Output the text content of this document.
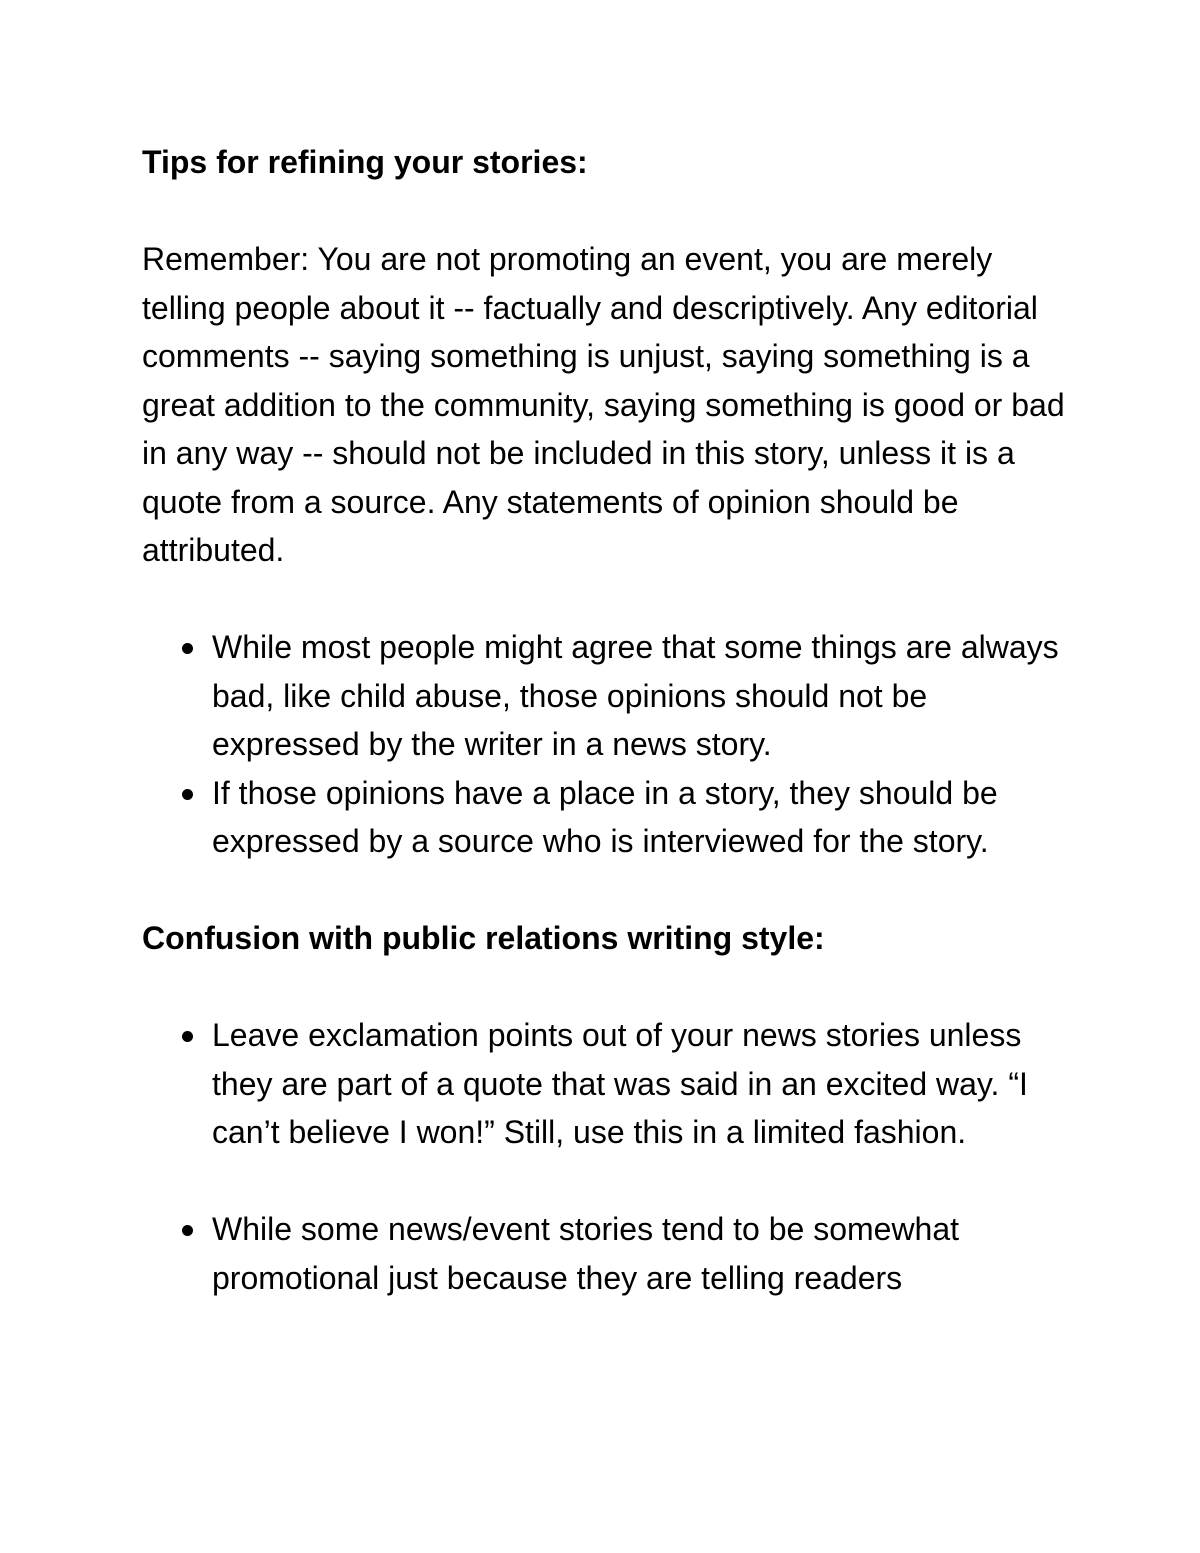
Tips for refining your stories:

Remember: You are not promoting an event, you are merely telling people about it -- factually and descriptively. Any editorial comments -- saying something is unjust, saying something is a great addition to the community, saying something is good or bad in any way -- should not be included in this story, unless it is a quote from a source. Any statements of opinion should be attributed.

While most people might agree that some things are always bad, like child abuse, those opinions should not be expressed by the writer in a news story.
If those opinions have a place in a story, they should be expressed by a source who is interviewed for the story.
Confusion with public relations writing style:
Leave exclamation points out of your news stories unless they are part of a quote that was said in an excited way. “I can’t believe I won!” Still, use this in a limited fashion.
While some news/event stories tend to be somewhat promotional just because they are telling readers
